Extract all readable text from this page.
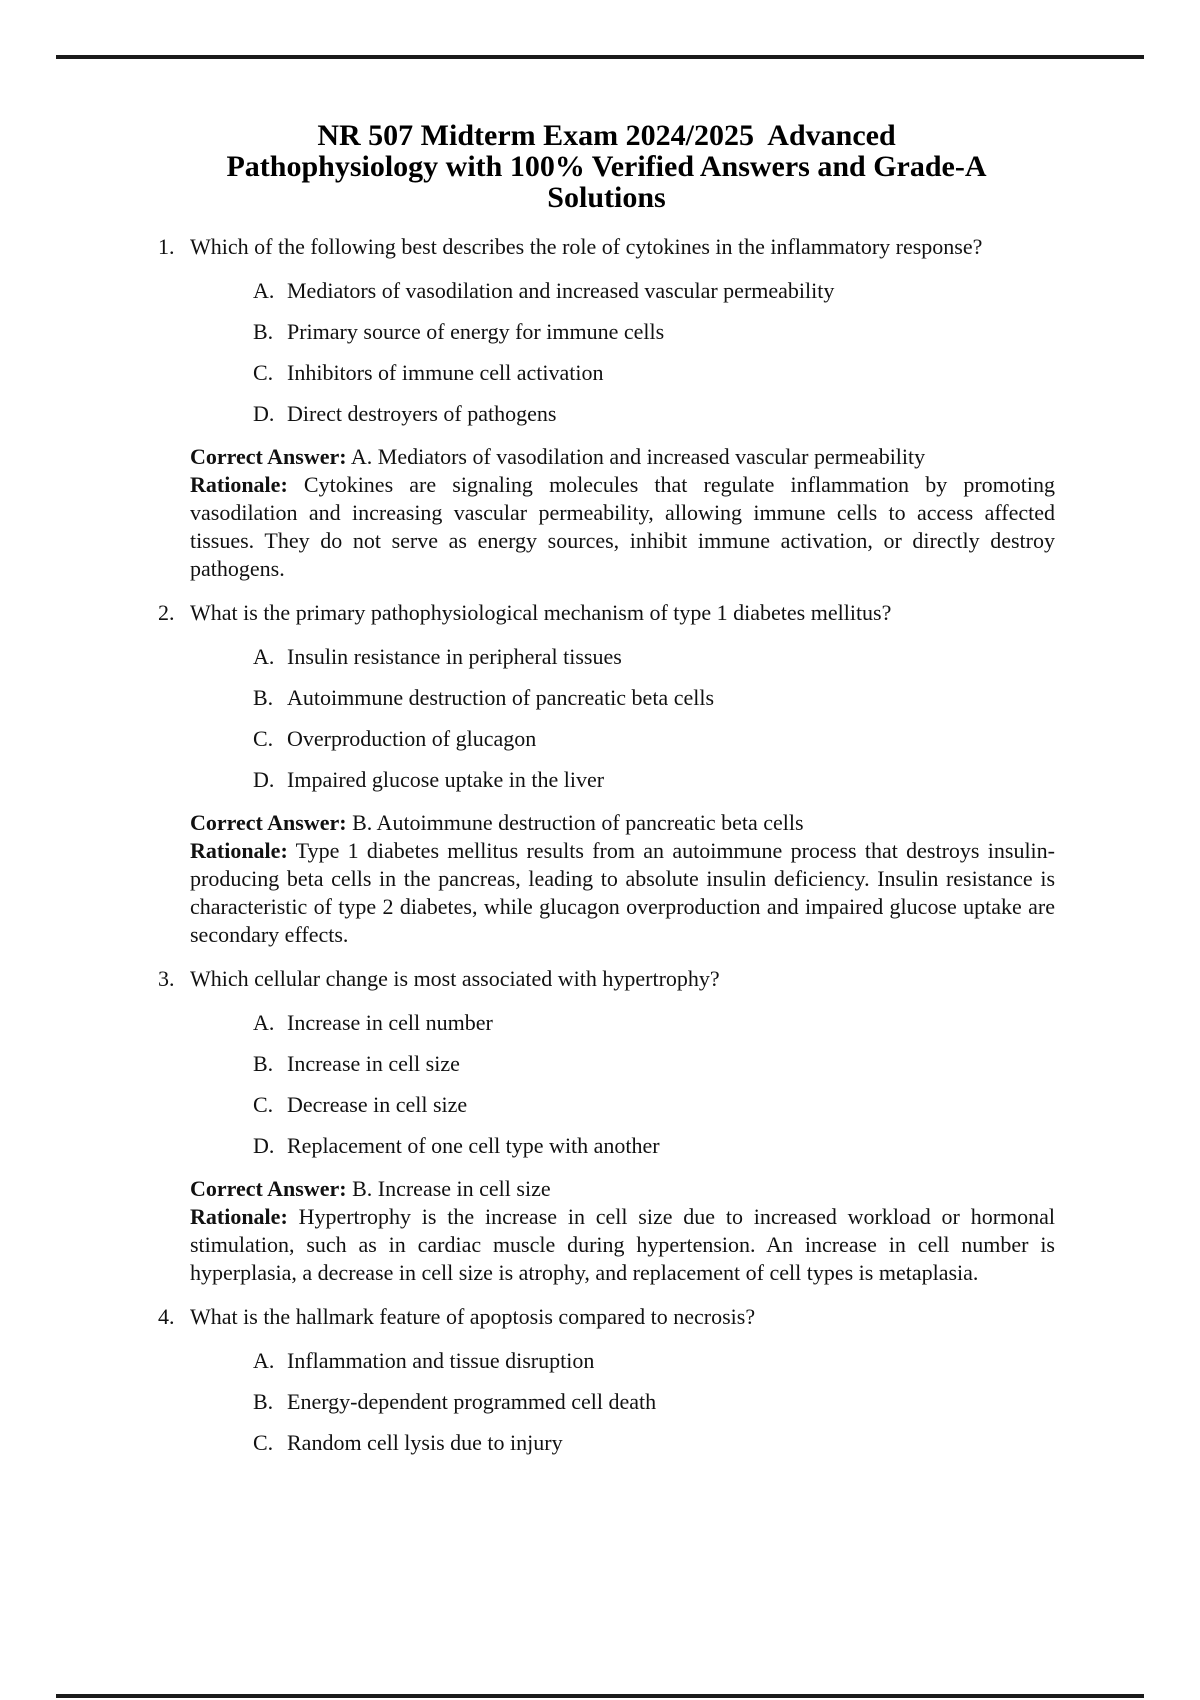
NR 507 Midterm Exam 2024/2025  Advanced
Pathophysiology with 100% Verified Answers and Grade-A
Solutions
1. Which of the following best describes the role of cytokines in the inflammatory response?
A. Mediators of vasodilation and increased vascular permeability
B. Primary source of energy for immune cells
C. Inhibitors of immune cell activation
D. Direct destroyers of pathogens

Correct Answer: A. Mediators of vasodilation and increased vascular permeability

Rationale: Cytokines are signaling molecules that regulate inflammation by promoting vasodilation and increasing vascular permeability, allowing immune cells to access affected tissues. They do not serve as energy sources, inhibit immune activation, or directly destroy pathogens.

2. What is the primary pathophysiological mechanism of type 1 diabetes mellitus?
A. Insulin resistance in peripheral tissues
B. Autoimmune destruction of pancreatic beta cells
C. Overproduction of glucagon
D. Impaired glucose uptake in the liver

Correct Answer: B. Autoimmune destruction of pancreatic beta cells

Rationale: Type 1 diabetes mellitus results from an autoimmune process that destroys insulin-producing beta cells in the pancreas, leading to absolute insulin deficiency. Insulin resistance is characteristic of type 2 diabetes, while glucagon overproduction and impaired glucose uptake are secondary effects.

3. Which cellular change is most associated with hypertrophy?
A. Increase in cell number
B. Increase in cell size
C. Decrease in cell size
D. Replacement of one cell type with another

Correct Answer: B. Increase in cell size

Rationale: Hypertrophy is the increase in cell size due to increased workload or hormonal stimulation, such as in cardiac muscle during hypertension. An increase in cell number is hyperplasia, a decrease in cell size is atrophy, and replacement of cell types is metaplasia.

4. What is the hallmark feature of apoptosis compared to necrosis?
A. Inflammation and tissue disruption
B. Energy-dependent programmed cell death
C. Random cell lysis due to injury
